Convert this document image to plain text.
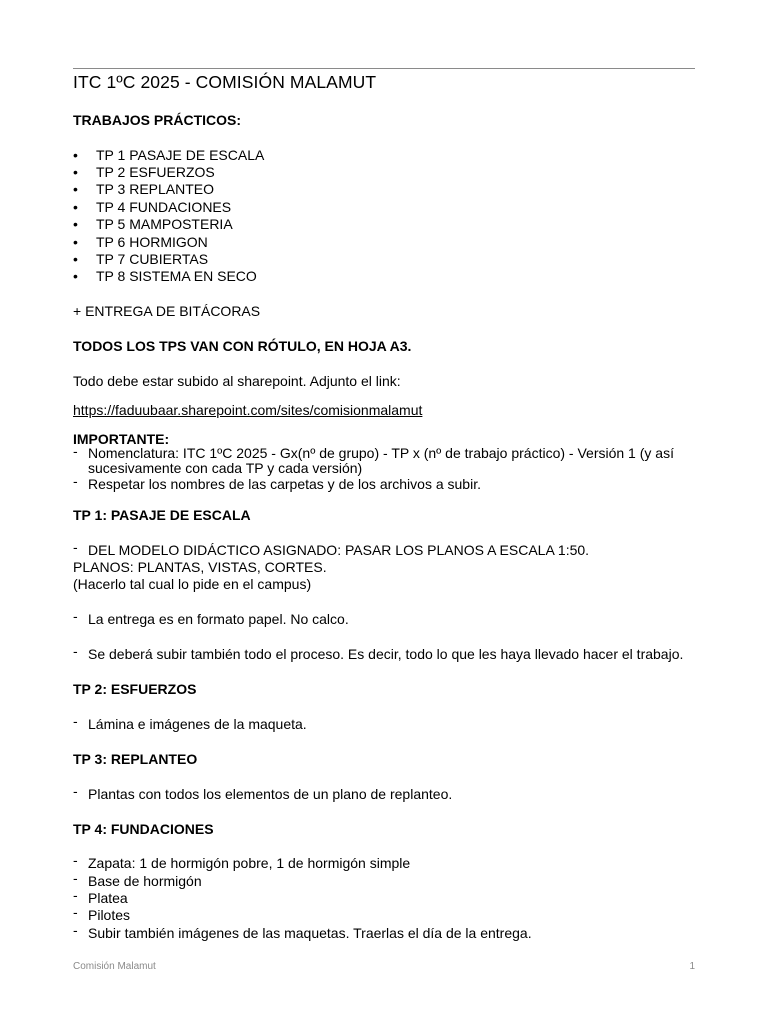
ITC 1ºC 2025 - COMISIÓN MALAMUT
TRABAJOS PRÁCTICOS:
• TP 1 PASAJE DE ESCALA
• TP 2 ESFUERZOS
• TP 3 REPLANTEO
• TP 4 FUNDACIONES
• TP 5 MAMPOSTERIA
• TP 6 HORMIGON
• TP 7 CUBIERTAS
• TP 8 SISTEMA EN SECO
+ ENTREGA DE BITÁCORAS
TODOS LOS TPS VAN CON RÓTULO, EN HOJA A3.
Todo debe estar subido al sharepoint. Adjunto el link:
https://faduubaar.sharepoint.com/sites/comisionmalamut
IMPORTANTE:
- Nomenclatura: ITC 1ºC 2025 - Gx(nº de grupo) - TP x (nº de trabajo práctico) - Versión 1 (y así sucesivamente con cada TP y cada versión)
- Respetar los nombres de las carpetas y de los archivos a subir.
TP 1: PASAJE DE ESCALA
- DEL MODELO DIDÁCTICO ASIGNADO: PASAR LOS PLANOS A ESCALA 1:50.
PLANOS: PLANTAS, VISTAS, CORTES.
(Hacerlo tal cual lo pide en el campus)
- La entrega es en formato papel. No calco.
- Se deberá subir también todo el proceso. Es decir, todo lo que les haya llevado hacer el trabajo.
TP 2: ESFUERZOS
- Lámina e imágenes de la maqueta.
TP 3: REPLANTEO
- Plantas con todos los elementos de un plano de replanteo.
TP 4: FUNDACIONES
- Zapata: 1 de hormigón pobre, 1 de hormigón simple
- Base de hormigón
- Platea
- Pilotes
- Subir también imágenes de las maquetas. Traerlas el día de la entrega.
Comisión Malamut	1
